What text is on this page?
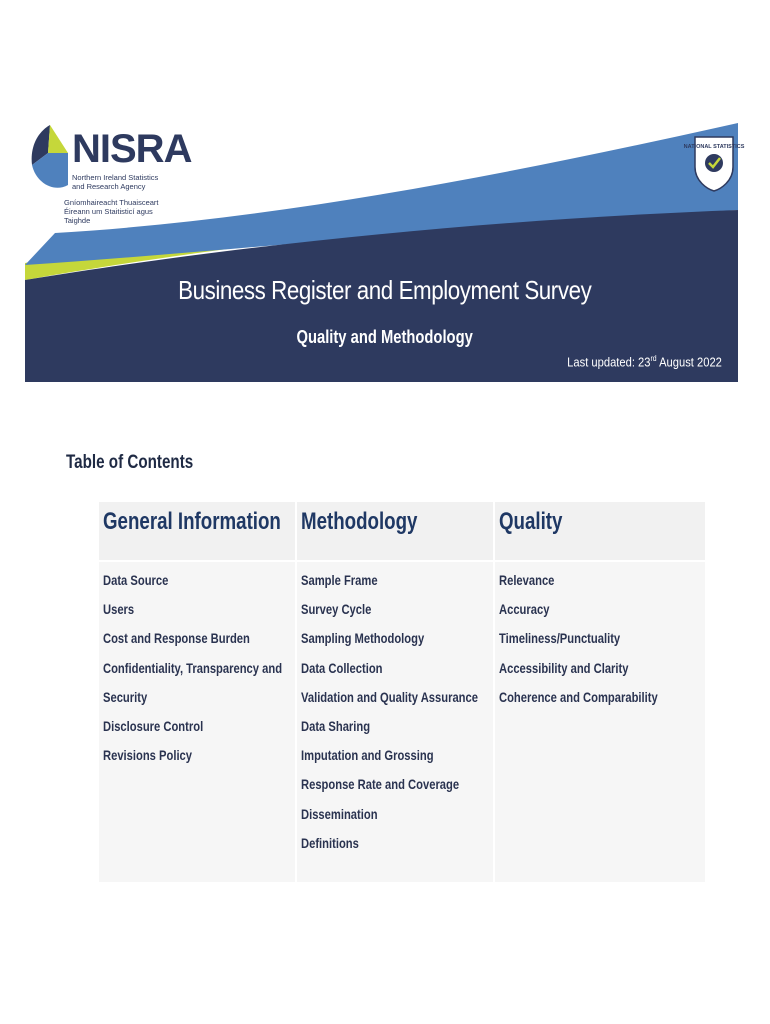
NISRA
Northern Ireland Statistics and Research Agency
Gníomhaireacht Thuaisceart Éireann um Staitisticí agus Taighde
NATIONAL STATISTICS
Business Register and Employment Survey
Quality and Methodology
Last updated: 23rd August 2022
Table of Contents
General Information
Data Source
Users
Cost and Response Burden
Confidentiality, Transparency and
Security
Disclosure Control
Revisions Policy
Methodology
Sample Frame
Survey Cycle
Sampling Methodology
Data Collection
Validation and Quality Assurance
Data Sharing
Imputation and Grossing
Response Rate and Coverage
Dissemination
Definitions
Quality
Relevance
Accuracy
Timeliness/Punctuality
Accessibility and Clarity
Coherence and Comparability
